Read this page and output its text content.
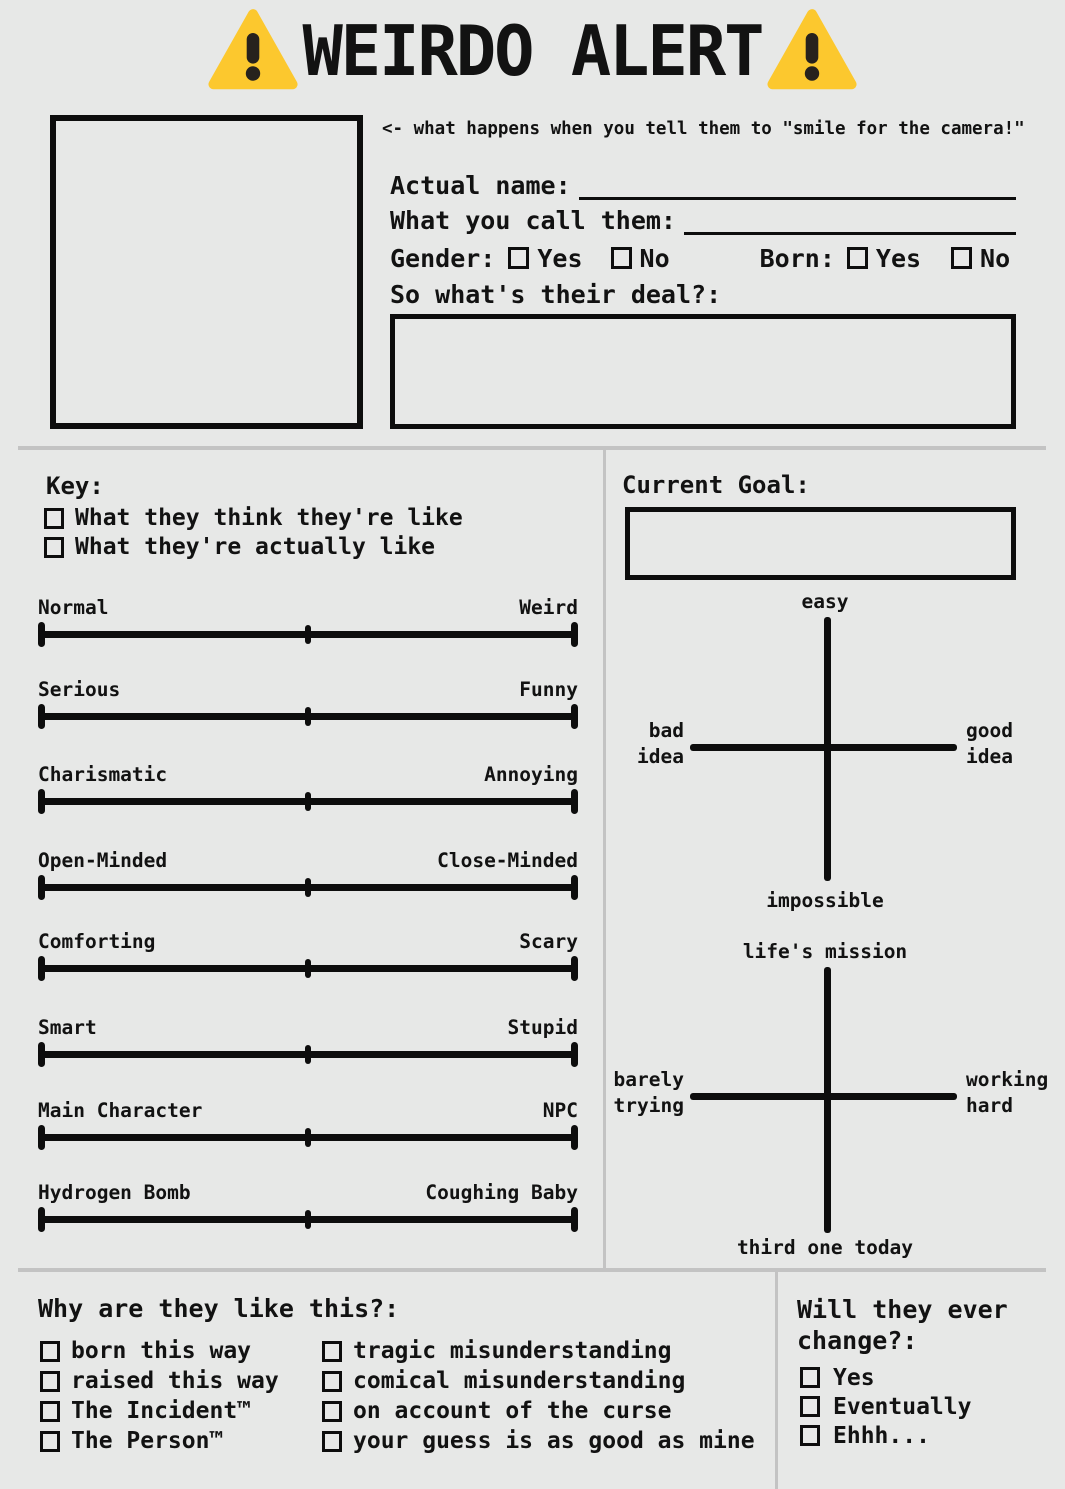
WEIRDO ALERT
<- what happens when you tell them to "smile for the camera!"
Actual name:
What you call them:
Gender: Yes No	Born: Yes No
So what's their deal?:
Key:
What they think they're like
What they're actually like
Normal	Weird
Serious	Funny
Charismatic	Annoying
Open-Minded	Close-Minded
Comforting	Scary
Smart	Stupid
Main Character	NPC
Hydrogen Bomb	Coughing Baby
Current Goal:
easy
bad
idea
good
idea
impossible
life's mission
barely
trying
working
hard
third one today
Why are they like this?:
born this way
raised this way
The Incident™
The Person™
tragic misunderstanding
comical misunderstanding
on account of the curse
your guess is as good as mine
Will they ever change?:
Yes
Eventually
Ehhh...
